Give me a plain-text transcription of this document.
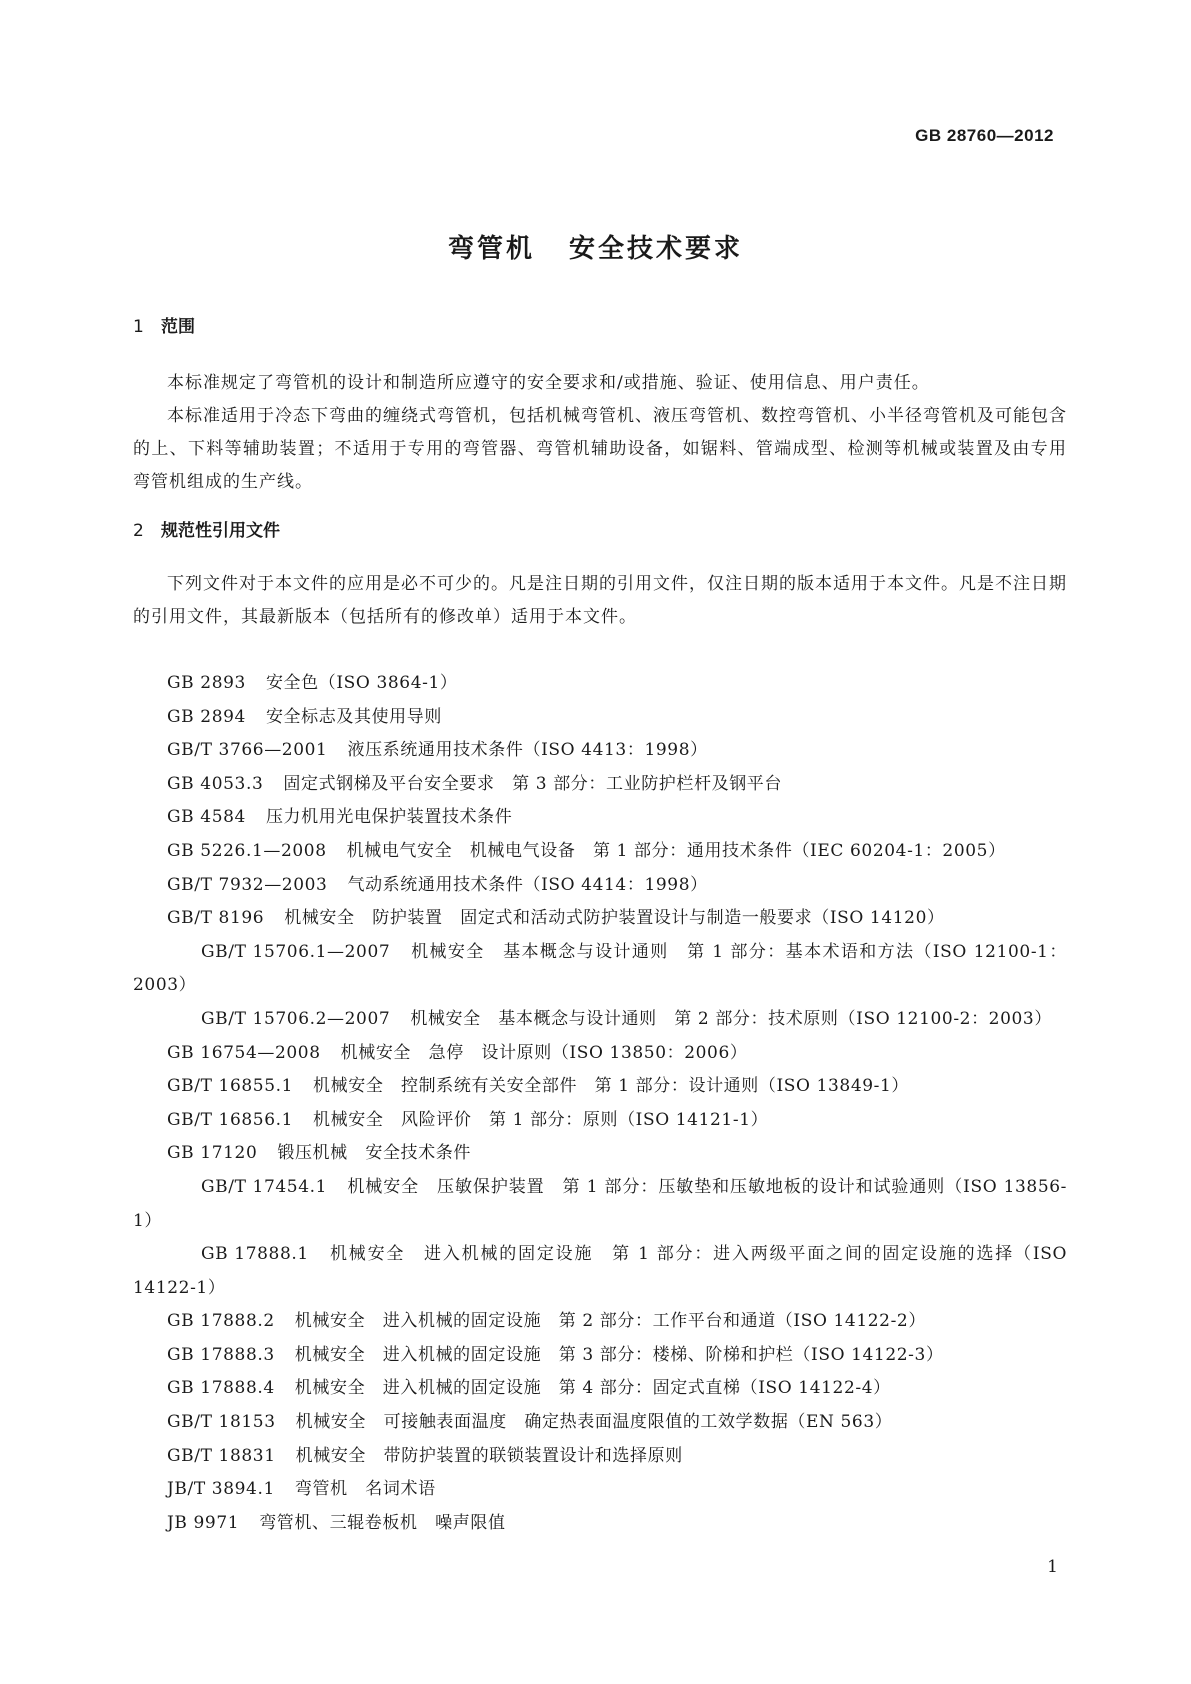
GB 28760—2012
弯管机 安全技术要求
1 范围
本标准规定了弯管机的设计和制造所应遵守的安全要求和/或措施、验证、使用信息、用户责任。
本标准适用于冷态下弯曲的缠绕式弯管机，包括机械弯管机、液压弯管机、数控弯管机、小半径弯管机及可能包含的上、下料等辅助装置；不适用于专用的弯管器、弯管机辅助设备，如锯料、管端成型、检测等机械或装置及由专用弯管机组成的生产线。
2 规范性引用文件
下列文件对于本文件的应用是必不可少的。凡是注日期的引用文件，仅注日期的版本适用于本文件。凡是不注日期的引用文件，其最新版本（包括所有的修改单）适用于本文件。
GB 2893 安全色（ISO 3864-1）
GB 2894 安全标志及其使用导则
GB/T 3766—2001 液压系统通用技术条件（ISO 4413：1998）
GB 4053.3 固定式钢梯及平台安全要求　第 3 部分：工业防护栏杆及钢平台
GB 4584 压力机用光电保护装置技术条件
GB 5226.1—2008 机械电气安全　机械电气设备　第 1 部分：通用技术条件（IEC 60204-1：2005）
GB/T 7932—2003 气动系统通用技术条件（ISO 4414：1998）
GB/T 8196 机械安全　防护装置　固定式和活动式防护装置设计与制造一般要求（ISO 14120）
GB/T 15706.1—2007 机械安全　基本概念与设计通则　第 1 部分：基本术语和方法（ISO 12100-1：2003）
GB/T 15706.2—2007 机械安全　基本概念与设计通则　第 2 部分：技术原则（ISO 12100-2：2003）
GB 16754—2008 机械安全　急停　设计原则（ISO 13850：2006）
GB/T 16855.1 机械安全　控制系统有关安全部件　第 1 部分：设计通则（ISO 13849-1）
GB/T 16856.1 机械安全　风险评价　第 1 部分：原则（ISO 14121-1）
GB 17120 锻压机械　安全技术条件
GB/T 17454.1 机械安全　压敏保护装置　第 1 部分：压敏垫和压敏地板的设计和试验通则（ISO 13856-1）
GB 17888.1 机械安全　进入机械的固定设施　第 1 部分：进入两级平面之间的固定设施的选择（ISO 14122-1）
GB 17888.2 机械安全　进入机械的固定设施　第 2 部分：工作平台和通道（ISO 14122-2）
GB 17888.3 机械安全　进入机械的固定设施　第 3 部分：楼梯、阶梯和护栏（ISO 14122-3）
GB 17888.4 机械安全　进入机械的固定设施　第 4 部分：固定式直梯（ISO 14122-4）
GB/T 18153 机械安全　可接触表面温度　确定热表面温度限值的工效学数据（EN 563）
GB/T 18831 机械安全　带防护装置的联锁装置设计和选择原则
JB/T 3894.1 弯管机　名词术语
JB 9971 弯管机、三辊卷板机　噪声限值
1
